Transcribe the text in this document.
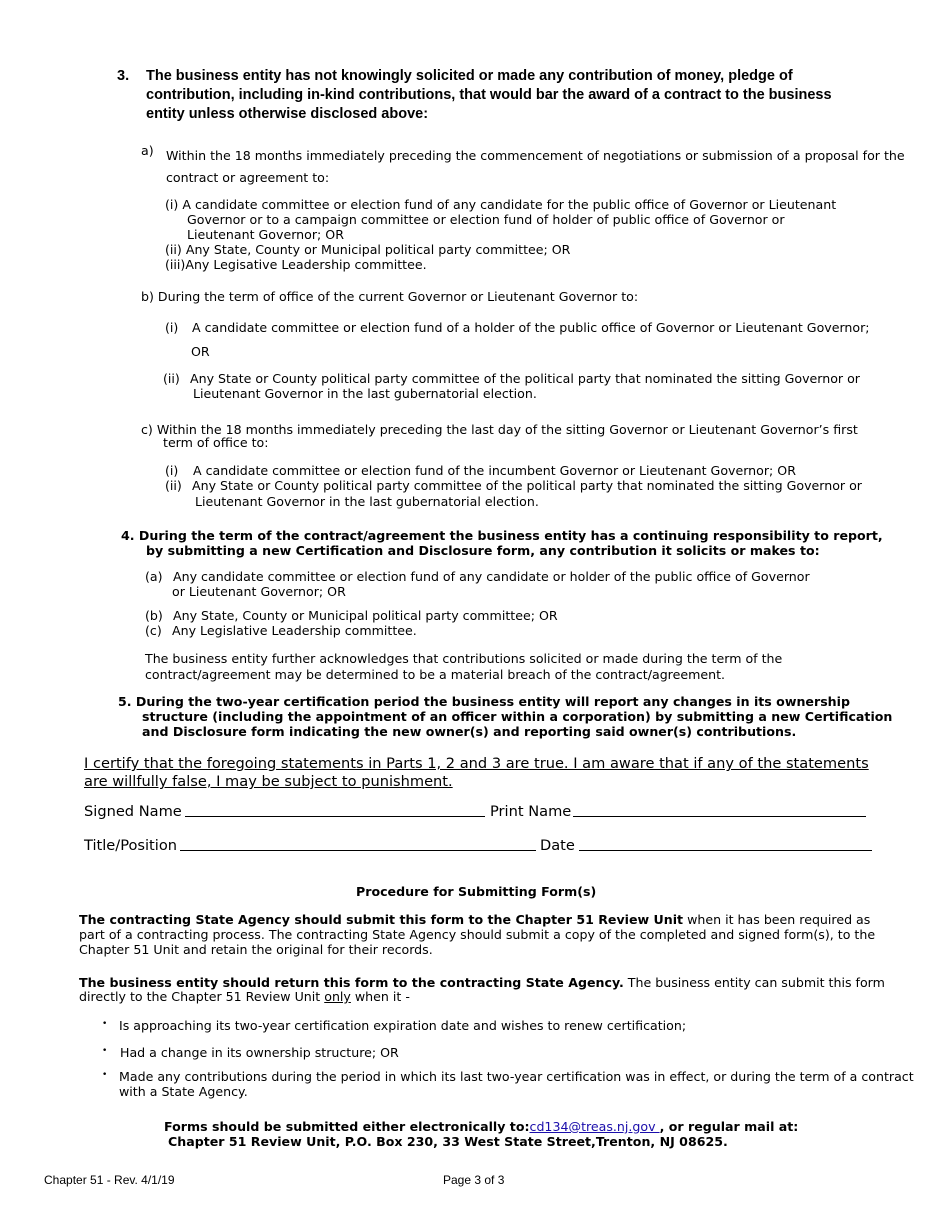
3. The business entity has not knowingly solicited or made any contribution of money, pledge of
contribution, including in-kind contributions, that would bar the award of a contract to the business
entity unless otherwise disclosed above:
a) Within the 18 months immediately preceding the commencement of negotiations or submission of a proposal for the
contract or agreement to:
(i) A candidate committee or election fund of any candidate for the public office of Governor or Lieutenant
Governor or to a campaign committee or election fund of holder of public office of Governor or
Lieutenant Governor; OR
(ii) Any State, County or Municipal political party committee; OR
(iii)Any Legisative Leadership committee.
b) During the term of office of the current Governor or Lieutenant Governor to:
(i) A candidate committee or election fund of a holder of the public office of Governor or Lieutenant Governor;
OR
(ii) Any State or County political party committee of the political party that nominated the sitting Governor or
Lieutenant Governor in the last gubernatorial election.
c) Within the 18 months immediately preceding the last day of the sitting Governor or Lieutenant Governor’s first
term of office to:
(i) A candidate committee or election fund of the incumbent Governor or Lieutenant Governor; OR
(ii) Any State or County political party committee of the political party that nominated the sitting Governor or
Lieutenant Governor in the last gubernatorial election.
4. During the term of the contract/agreement the business entity has a continuing responsibility to report,
by submitting a new Certification and Disclosure form, any contribution it solicits or makes to:
(a) Any candidate committee or election fund of any candidate or holder of the public office of Governor
or Lieutenant Governor; OR
(b) Any State, County or Municipal political party committee; OR
(c) Any Legislative Leadership committee.
The business entity further acknowledges that contributions solicited or made during the term of the
contract/agreement may be determined to be a material breach of the contract/agreement.
5. During the two-year certification period the business entity will report any changes in its ownership
structure (including the appointment of an officer within a corporation) by submitting a new Certification
and Disclosure form indicating the new owner(s) and reporting said owner(s) contributions.
I certify that the foregoing statements in Parts 1, 2 and 3 are true. I am aware that if any of the statements
are willfully false, I may be subject to punishment.
Signed Name	Print Name
Title/Position	Date
Procedure for Submitting Form(s)
The contracting State Agency should submit this form to the Chapter 51 Review Unit when it has been required as
part of a contracting process. The contracting State Agency should submit a copy of the completed and signed form(s), to the
Chapter 51 Unit and retain the original for their records.
The business entity should return this form to the contracting State Agency. The business entity can submit this form
directly to the Chapter 51 Review Unit only when it -
• Is approaching its two-year certification expiration date and wishes to renew certification;
• Had a change in its ownership structure; OR
• Made any contributions during the period in which its last two-year certification was in effect, or during the term of a contract
with a State Agency.
Forms should be submitted either electronically to:cd134@treas.nj.gov , or regular mail at:
Chapter 51 Review Unit, P.O. Box 230, 33 West State Street,Trenton, NJ 08625.
Chapter 51 - Rev. 4/1/19	Page 3 of 3
